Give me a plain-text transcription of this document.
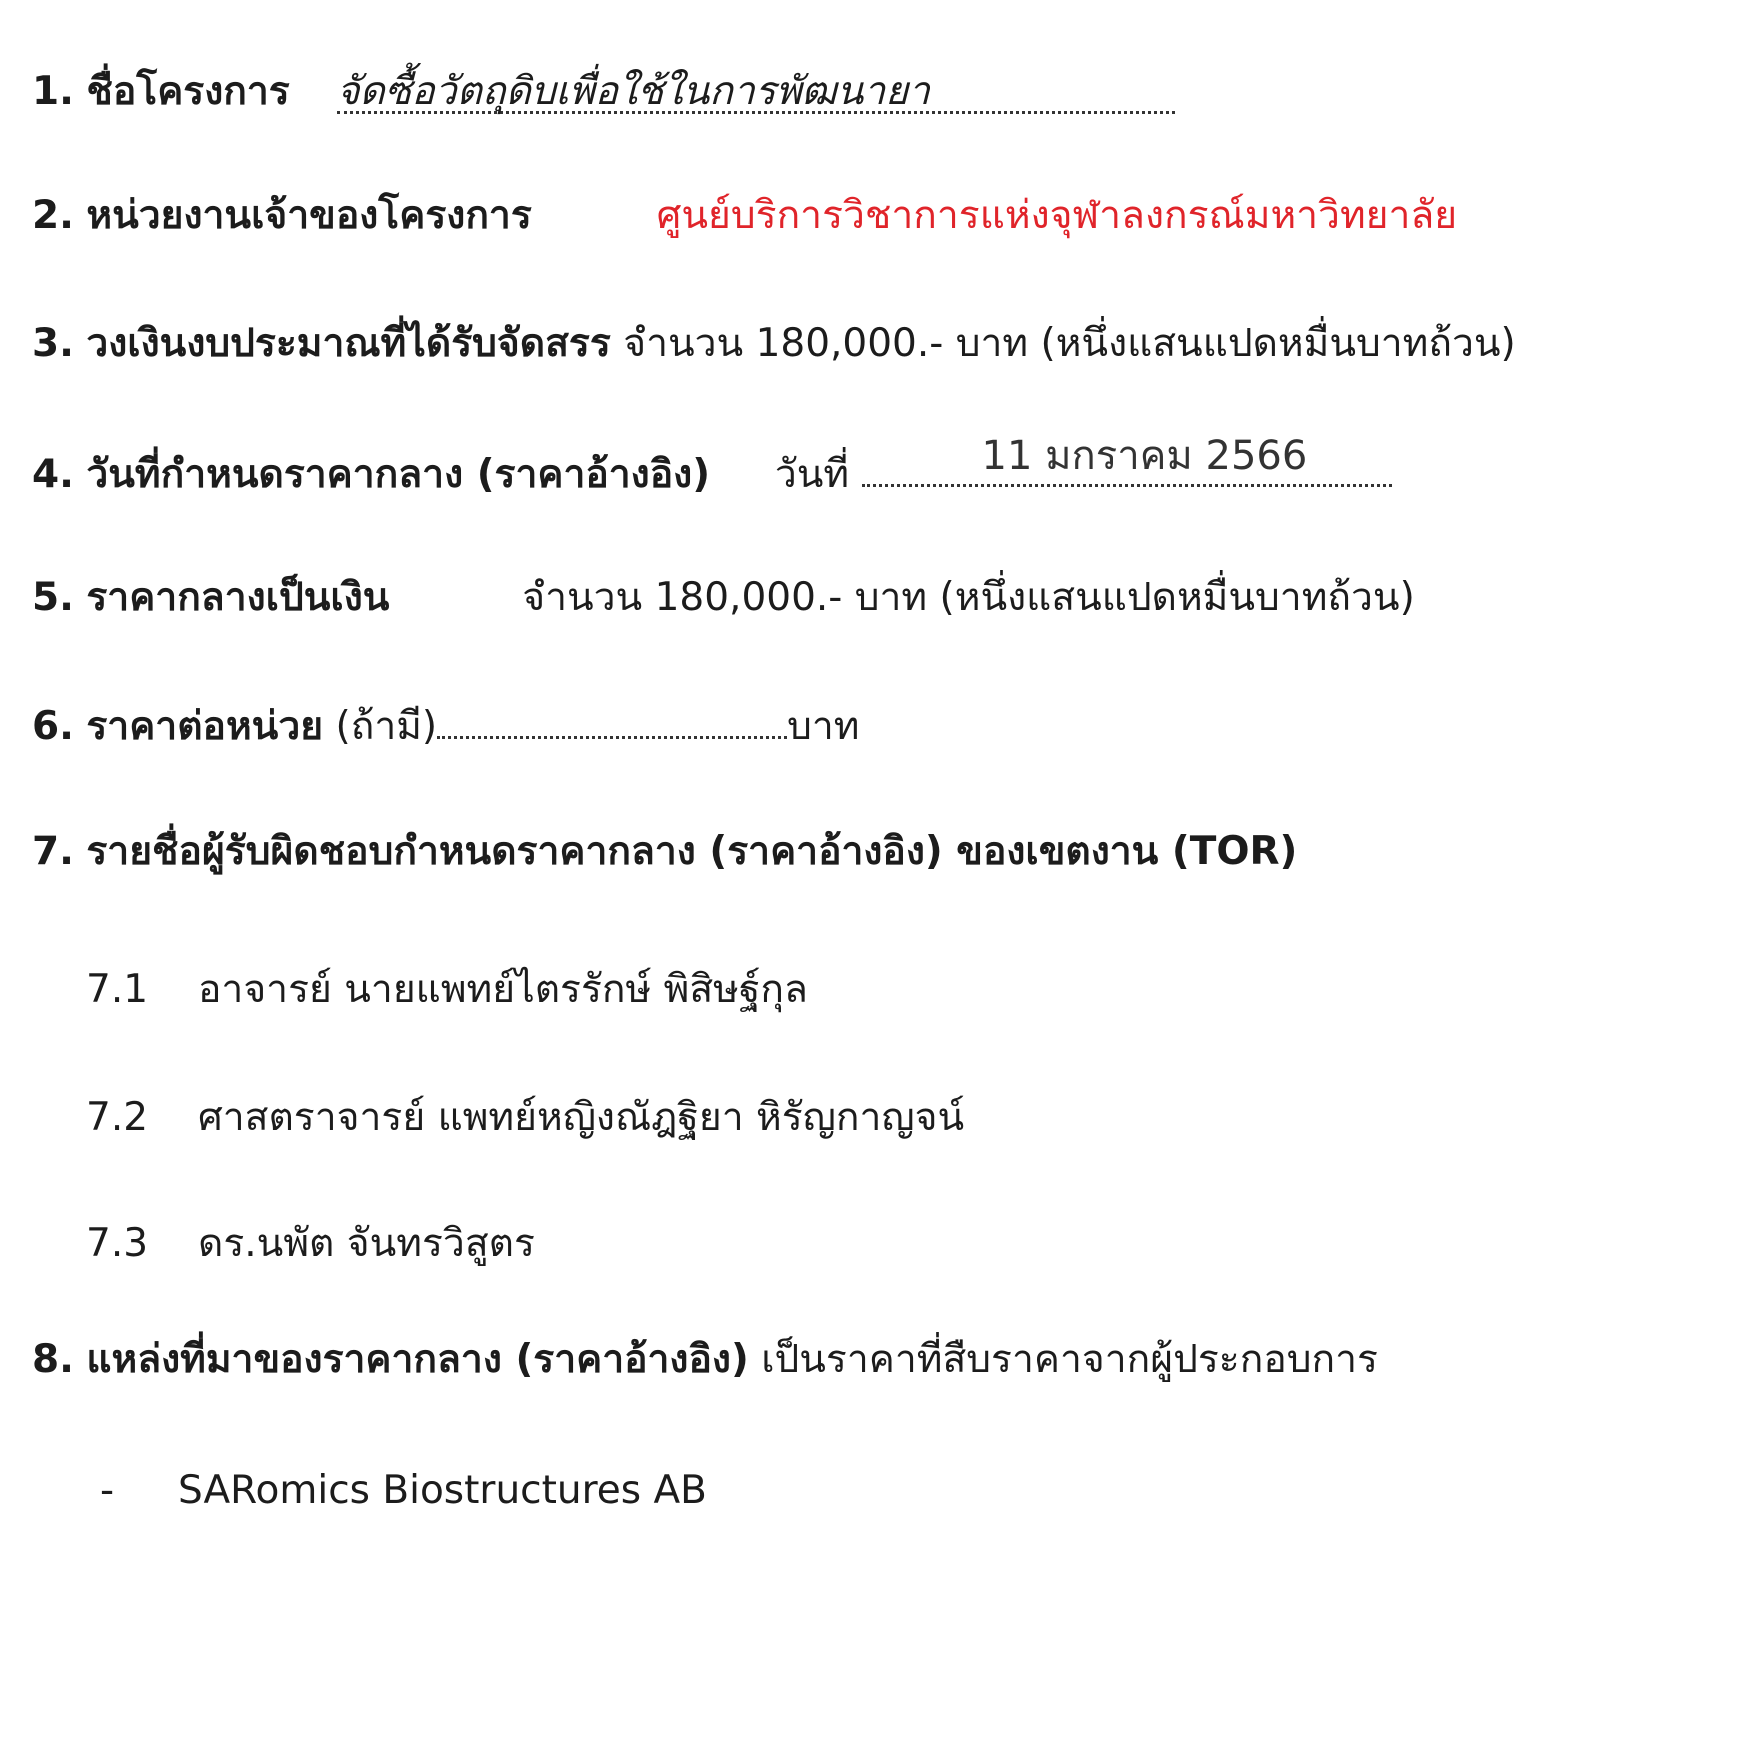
1. ชื่อโครงการ จัดซื้อวัตถุดิบเพื่อใช้ในการพัฒนายา
2. หน่วยงานเจ้าของโครงการ	ศูนย์บริการวิชาการแห่งจุฬาลงกรณ์มหาวิทยาลัย
3. วงเงินงบประมาณที่ได้รับจัดสรร จำนวน 180,000.- บาท (หนึ่งแสนแปดหมื่นบาทถ้วน)
4. วันที่กำหนดราคากลาง (ราคาอ้างอิง) วันที่	11 มกราคม 2566
5. ราคากลางเป็นเงิน	จำนวน 180,000.- บาท (หนึ่งแสนแปดหมื่นบาทถ้วน)
6. ราคาต่อหน่วย (ถ้ามี)	บาท
7. รายชื่อผู้รับผิดชอบกำหนดราคากลาง (ราคาอ้างอิง) ของเขตงาน (TOR)
7.1 อาจารย์ นายแพทย์ไตรรักษ์ พิสิษฐ์กุล
7.2 ศาสตราจารย์ แพทย์หญิงณัฎฐิยา หิรัญกาญจน์
7.3 ดร.นพัต จันทรวิสูตร
8. แหล่งที่มาของราคากลาง (ราคาอ้างอิง) เป็นราคาที่สืบราคาจากผู้ประกอบการ
- SARomics Biostructures AB
